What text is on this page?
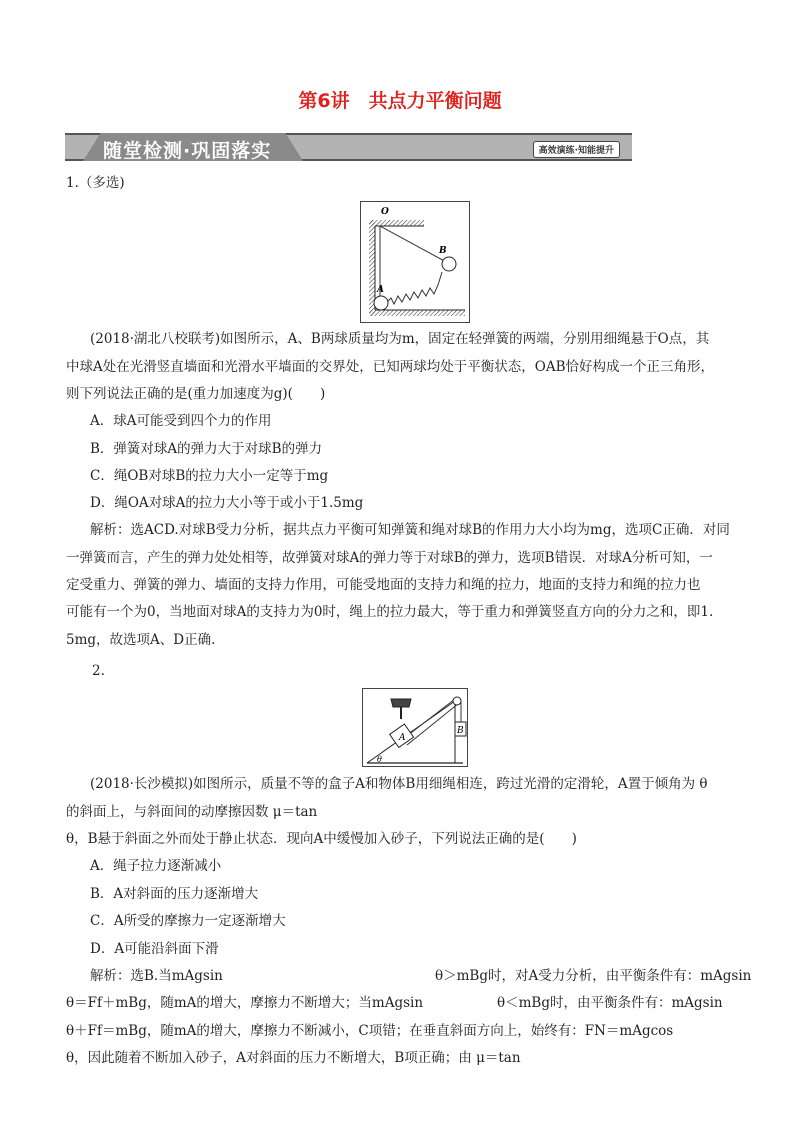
第6讲　共点力平衡问题
随堂检测·巩固落实	高效演练·知能提升
1.（多选)
O
B
A
(2018·湖北八校联考)如图所示，A、B两球质量均为m，固定在轻弹簧的两端，分别用细绳悬于O点，其
中球A处在光滑竖直墙面和光滑水平墙面的交界处，已知两球均处于平衡状态，OAB恰好构成一个正三角形，
则下列说法正确的是(重力加速度为g)(　　)
A．球A可能受到四个力的作用
B．弹簧对球A的弹力大于对球B的弹力
C．绳OB对球B的拉力大小一定等于mg
D．绳OA对球A的拉力大小等于或小于1.5mg
解析：选ACD.对球B受力分析，据共点力平衡可知弹簧和绳对球B的作用力大小均为mg，选项C正确．对同
一弹簧而言，产生的弹力处处相等，故弹簧对球A的弹力等于对球B的弹力，选项B错误．对球A分析可知，一
定受重力、弹簧的弹力、墙面的支持力作用，可能受地面的支持力和绳的拉力，地面的支持力和绳的拉力也
可能有一个为0，当地面对球A的支持力为0时，绳上的拉力最大，等于重力和弹簧竖直方向的分力之和，即1.
5mg，故选项A、D正确.
2.
B
A
θ
(2018·长沙模拟)如图所示，质量不等的盒子A和物体B用细绳相连，跨过光滑的定滑轮，A置于倾角为 θ
的斜面上，与斜面间的动摩擦因数 μ＝tan
θ，B悬于斜面之外而处于静止状态．现向A中缓慢加入砂子，下列说法正确的是(　　)
A．绳子拉力逐渐减小
B．A对斜面的压力逐渐增大
C．A所受的摩擦力一定逐渐增大
D．A可能沿斜面下滑
解析：选B.当mAgsin	θ＞mBg时，对A受力分析，由平衡条件有：mAgsin
θ＝Ff＋mBg，随mA的增大，摩擦力不断增大；当mAgsin	θ＜mBg时，由平衡条件有：mAgsin
θ＋Ff＝mBg，随mA的增大，摩擦力不断减小，C项错；在垂直斜面方向上，始终有：FN＝mAgcos
θ，因此随着不断加入砂子，A对斜面的压力不断增大，B项正确；由 μ＝tan
